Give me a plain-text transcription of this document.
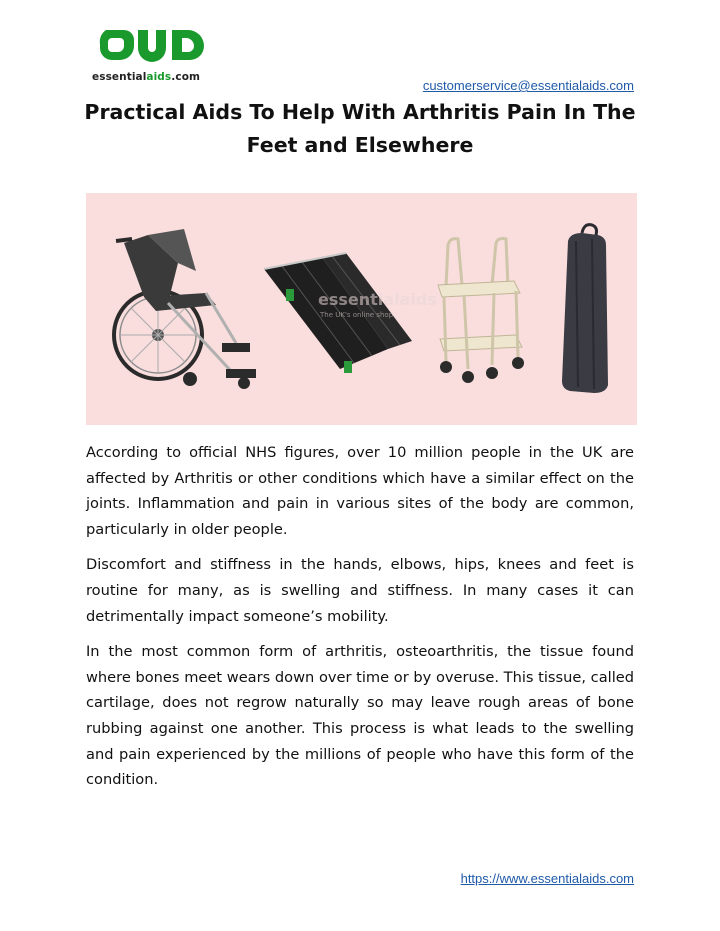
essentialaids.com
customerservice@essentialaids.com
Practical Aids To Help With Arthritis Pain In The Feet and Elsewhere
essentialaids
The UK's online shop

According to official NHS figures, over 10 million people in the UK are affected by Arthritis or other conditions which have a similar effect on the joints. Inflammation and pain in various sites of the body are common, particularly in older people.

Discomfort and stiffness in the hands, elbows, hips, knees and feet is routine for many, as is swelling and stiffness. In many cases it can detrimentally impact someone’s mobility.

In the most common form of arthritis, osteoarthritis, the tissue found where bones meet wears down over time or by overuse. This tissue, called cartilage, does not regrow naturally so may leave rough areas of bone rubbing against one another. This process is what leads to the swelling and pain experienced by the millions of people who have this form of the condition.

https://www.essentialaids.com
